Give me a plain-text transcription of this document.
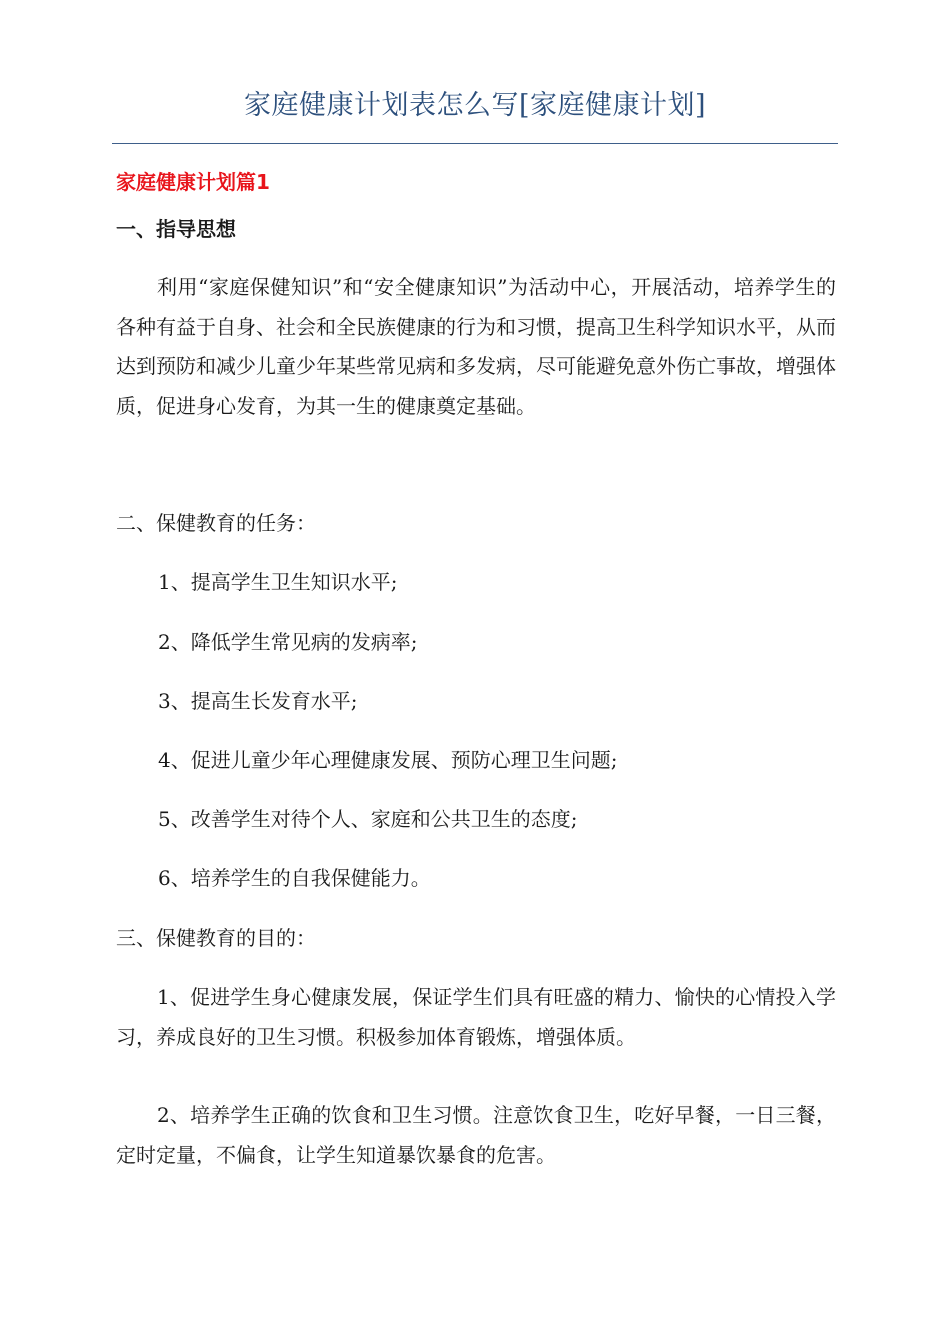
家庭健康计划表怎么写[家庭健康计划]
家庭健康计划篇1

一、指导思想

利用“家庭保健知识”和“安全健康知识”为活动中心，开展活动，培养学生的各种有益于自身、社会和全民族健康的行为和习惯，提高卫生科学知识水平，从而达到预防和减少儿童少年某些常见病和多发病，尽可能避免意外伤亡事故，增强体质，促进身心发育，为其一生的健康奠定基础。

二、保健教育的任务：

1、提高学生卫生知识水平;

2、降低学生常见病的发病率;

3、提高生长发育水平;

4、促进儿童少年心理健康发展、预防心理卫生问题;

5、改善学生对待个人、家庭和公共卫生的态度;

6、培养学生的自我保健能力。

三、保健教育的目的：

1、促进学生身心健康发展，保证学生们具有旺盛的精力、愉快的心情投入学习，养成良好的卫生习惯。积极参加体育锻炼，增强体质。

2、培养学生正确的饮食和卫生习惯。注意饮食卫生，吃好早餐，一日三餐，定时定量，不偏食，让学生知道暴饮暴食的危害。
